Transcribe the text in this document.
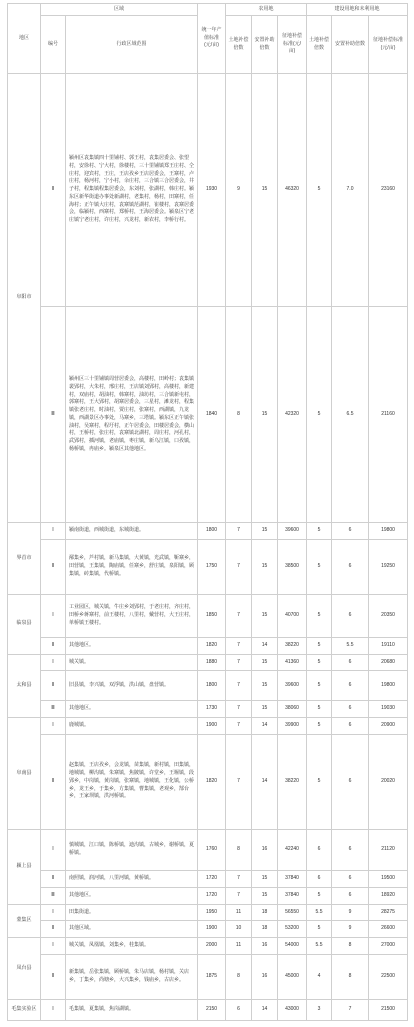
地区	区域		统一年产值标准(元/亩)	农用地			建设用地和未利用地		
	编号	行政区域范围		土地补偿倍数	安置补助倍数	征地补偿标准(元/亩)	土地补偿倍数	安置补助倍数	征地补偿标准(元/亩)
阜阳市	Ⅱ	颍州区袁集镇四十里铺村、郭王村，袁集居委会、张望村，安徐村、宁大村，徐楼村，三十里铺镇郑王庄村、仝庄村，迎宾村，王庄，王店孜乡王店居委会，王寨村，卢庄村，杨河村，宁小村，余庄村，三合镇三合居委会，井子村，程集镇程集居委会，东刘村，张湖村，韩庄村。颍东区新华街道办事处新湖村，老集村，杨村，田寨村，任海村；正午镇大庄村，袁寨镇范湖村，崔楼村，袁寨居委会，临颍村，西寨村，郑桥村，王海居委会。颍泉区宁老庄镇宁老庄村，许庄村，兴龙村，新农村，李桥行村。	1930	9	15	46320	5	7.0	23160
	Ⅲ	颍州区三十里铺镇周营居委会，高楼村，田岭村；袁集镇裴郢村，大朱村，邢庄村，王店镇刘郢村，高楼村，新建村，双庙村，胡油村，韩寨村，油坊村，三合镇新屯村，郭寨村，王大郢村，胡寨居委会，三星村，滩龙村，程集镇张老庄村，时油村，贾庄村，张寨村，西湖镇，九龙镇，西湖景区办事处，马寨乡，三塔镇。颍东区正午镇张油村，吴寨村，程圩村，正午居委会，田楼居委会，横山村，王桥村，张庄村，袁寨镇北湖村，周庄村，河孔村，武郢村，插河镇，老庙镇，枣庄镇，新乌江镇，口孜镇，杨桥镇，冉庙乡。颍泉区其他地区。	1840	8	15	42320	5	6.5	21160
界首市	Ⅰ	颍南街道，西城街道，东城街道。	1800	7	15	39600	5	6	19800
	Ⅱ	邴集乡，芦村镇，新马集镇，大黄镇，光武镇，靳寨乡，田营镇，王集镇，陶庙镇，任寨乡，舒庄镇，泉阳镇，顾集镇，砖集镇，代桥镇。	1750	7	15	38500	5	6	19250
临泉县	Ⅰ	工业园区，城关镇，牛庄乡刘郢村，于老庄村，齐庄村，田桥乡蒋寨村，前王楼村，八里村，戴营村，大王庄村，单桥镇王楼村。	1850	7	15	40700	5	6	20350
	Ⅱ	其他地区。	1820	7	14	38220	5	5.5	19110
太和县	Ⅰ	城关镇。	1880	7	15	41360	5	6	20680
	Ⅱ	旧县镇，李兴镇，双浮镇，洪山镇，盘营镇。	1800	7	15	39600	5	6	19800
	Ⅲ	其他地区。	1730	7	15	38060	5	6	19030
阜南县	Ⅰ	鹿城镇。	1900	7	14	39900	5	6	20900
	Ⅱ	赵集镇，王店孜乡，会龙镇，苗集镇，新村镇，田集镇，地城镇，柳沟镇，朱寨镇，焦陂镇，许堂乡，王堰镇，段郢乡，中岗镇，黄岗镇，张寨镇，地城镇，王化镇，公桥乡，龙王乡，于集乡，方集镇，曹集镇，老观乡，郜台乡，王家坝镇，洪河桥镇。	1820	7	14	38220	5	6	20020
颍上县	Ⅰ	慎城镇，江口镇，陈桥镇，迪沟镇，古城乡，谢桥镇，夏桥镇。	1760	8	16	42240	6	6	21120
	Ⅱ	南照镇，润河镇，八里河镇，黄桥镇。	1720	7	15	37840	6	6	19500
	Ⅲ	其他地区。	1720	7	15	37840	5	6	18920
蒙集区	Ⅰ	田集街道。	1950	11	18	56550	5.5	9	28275
	Ⅱ	其他区域。	1900	10	18	53200	5	9	26600
凤台县	Ⅰ	城关镇，凤凰镇，刘集乡，桂集镇。	2000	11	16	54000	5.5	8	27000
	Ⅱ	新集镇，岳张集镇，顾桥镇，朱马店镇，杨村镇，关店乡，丁集乡，尚塘乡，大兴集乡，钱庙乡，古店乡。	1875	8	16	45000	4	8	22500
毛集实验区	Ⅰ	毛集镇，夏集镇，焦岗湖镇。	2150	6	14	43000	3	7	21500
